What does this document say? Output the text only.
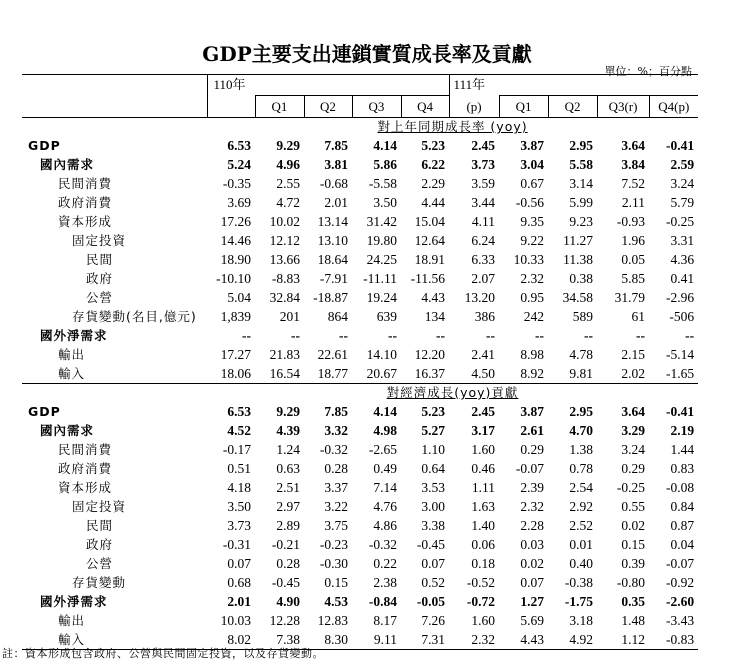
GDP主要支出連鎖實質成長率及貢獻
單位：%；百分點
	110年					111年				
		Q1	Q2	Q3	Q4	(p)	Q1	Q2	Q3(r)	Q4(p)
	對上年同期成長率 (yoy)									
GDP	6.53	9.29	7.85	4.14	5.23	2.45	3.87	2.95	3.64	-0.41
國內需求	5.24	4.96	3.81	5.86	6.22	3.73	3.04	5.58	3.84	2.59
民間消費	-0.35	2.55	-0.68	-5.58	2.29	3.59	0.67	3.14	7.52	3.24
政府消費	3.69	4.72	2.01	3.50	4.44	3.44	-0.56	5.99	2.11	5.79
資本形成	17.26	10.02	13.14	31.42	15.04	4.11	9.35	9.23	-0.93	-0.25
固定投資	14.46	12.12	13.10	19.80	12.64	6.24	9.22	11.27	1.96	3.31
民間	18.90	13.66	18.64	24.25	18.91	6.33	10.33	11.38	0.05	4.36
政府	-10.10	-8.83	-7.91	-11.11	-11.56	2.07	2.32	0.38	5.85	0.41
公營	5.04	32.84	-18.87	19.24	4.43	13.20	0.95	34.58	31.79	-2.96
存貨變動(名目,億元)	1,839	201	864	639	134	386	242	589	61	-506
國外淨需求	--	--	--	--	--	--	--	--	--	--
輸出	17.27	21.83	22.61	14.10	12.20	2.41	8.98	4.78	2.15	-5.14
輸入	18.06	16.54	18.77	20.67	16.37	4.50	8.92	9.81	2.02	-1.65
	對經濟成長(yoy)貢獻									
GDP	6.53	9.29	7.85	4.14	5.23	2.45	3.87	2.95	3.64	-0.41
國內需求	4.52	4.39	3.32	4.98	5.27	3.17	2.61	4.70	3.29	2.19
民間消費	-0.17	1.24	-0.32	-2.65	1.10	1.60	0.29	1.38	3.24	1.44
政府消費	0.51	0.63	0.28	0.49	0.64	0.46	-0.07	0.78	0.29	0.83
資本形成	4.18	2.51	3.37	7.14	3.53	1.11	2.39	2.54	-0.25	-0.08
固定投資	3.50	2.97	3.22	4.76	3.00	1.63	2.32	2.92	0.55	0.84
民間	3.73	2.89	3.75	4.86	3.38	1.40	2.28	2.52	0.02	0.87
政府	-0.31	-0.21	-0.23	-0.32	-0.45	0.06	0.03	0.01	0.15	0.04
公營	0.07	0.28	-0.30	0.22	0.07	0.18	0.02	0.40	0.39	-0.07
存貨變動	0.68	-0.45	0.15	2.38	0.52	-0.52	0.07	-0.38	-0.80	-0.92
國外淨需求	2.01	4.90	4.53	-0.84	-0.05	-0.72	1.27	-1.75	0.35	-2.60
輸出	10.03	12.28	12.83	8.17	7.26	1.60	5.69	3.18	1.48	-3.43
輸入	8.02	7.38	8.30	9.11	7.31	2.32	4.43	4.92	1.12	-0.83
註：資本形成包含政府、公營與民間固定投資，以及存貨變動。
